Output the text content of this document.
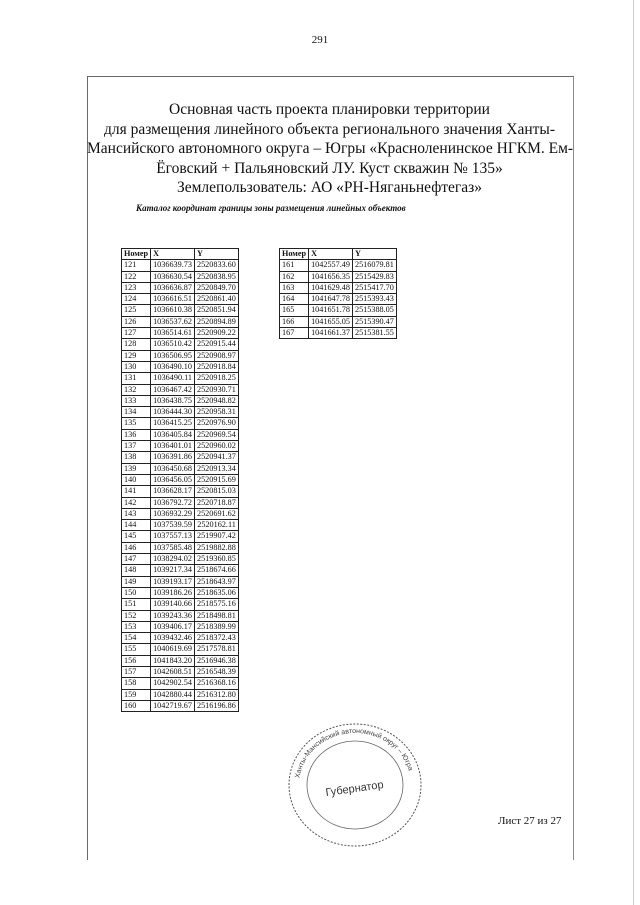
291
Основная часть проекта планировки территории
для размещения линейного объекта регионального значения Ханты-
Мансийского автономного округа – Югры «Красноленинское НГКМ. Ем-
Ёговский + Пальяновский ЛУ. Куст скважин № 135»
Землепользователь: АО «РН-Няганьнефтегаз»
Каталог координат границы зоны размещения линейных объектов
Номер	X	Y
121	1036639.73	2520833.60
122	1036630.54	2520838.95
123	1036636.87	2520849.70
124	1036616.51	2520861.40
125	1036610.38	2520851.94
126	1036537.62	2520894.89
127	1036514.61	2520909.22
128	1036510.42	2520915.44
129	1036506.95	2520908.97
130	1036490.10	2520918.84
131	1036490.11	2520918.25
132	1036467.42	2520930.71
133	1036438.75	2520948.82
134	1036444.30	2520958.31
135	1036415.25	2520976.90
136	1036405.84	2520969.54
137	1036401.01	2520960.02
138	1036391.86	2520941.37
139	1036450.68	2520913.34
140	1036456.05	2520915.69
141	1036628.17	2520815.03
142	1036792.72	2520718.87
143	1036932.29	2520691.62
144	1037539.59	2520162.11
145	1037557.13	2519907.42
146	1037585.48	2519882.88
147	1038294.02	2519360.85
148	1039217.34	2518674.66
149	1039193.17	2518643.97
150	1039186.26	2518635.06
151	1039140.66	2518575.16
152	1039243.36	2518498.81
153	1039406.17	2518389.99
154	1039432.46	2518372.43
155	1040619.69	2517578.81
156	1041843.20	2516946.38
157	1042608.51	2516548.39
158	1042902.54	2516368.16
159	1042880.44	2516312.80
160	1042719.67	2516196.86
Номер	X	Y
161	1042557.49	2516079.81
162	1041656.35	2515429.83
163	1041629.48	2515417.70
164	1041647.78	2515393.43
165	1041651.78	2515388.05
166	1041655.05	2515390.47
167	1041661.37	2515381.55
Ханты-Мансийский автономный округ – Югра
Губернатор
Лист 27 из 27
